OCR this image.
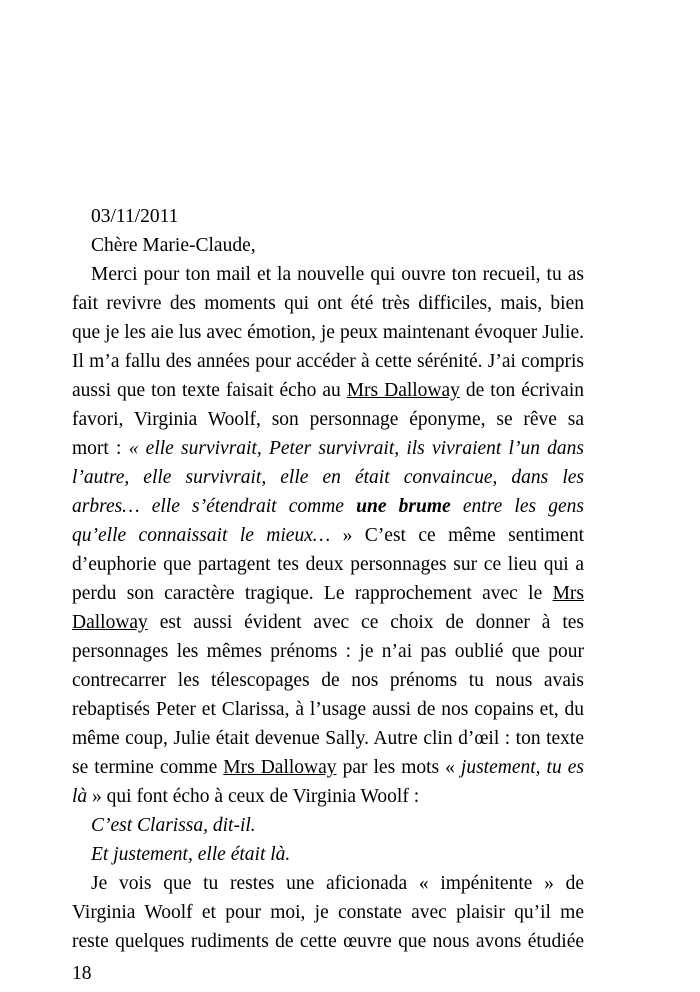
03/11/2011

Chère Marie-Claude,

Merci pour ton mail et la nouvelle qui ouvre ton recueil, tu as

fait revivre des moments qui ont été très difficiles, mais, bien

que je les aie lus avec émotion, je peux maintenant évoquer Julie.

Il m’a fallu des années pour accéder à cette sérénité. J’ai compris

aussi que ton texte faisait écho au Mrs Dalloway de ton écrivain

favori, Virginia Woolf, son personnage éponyme, se rêve sa

mort : « elle survivrait, Peter survivrait, ils vivraient l’un dans

l’autre, elle survivrait, elle en était convaincue, dans les

arbres… elle s’étendrait comme une brume entre les gens

qu’elle connaissait le mieux… » C’est ce même sentiment

d’euphorie que partagent tes deux personnages sur ce lieu qui a

perdu son caractère tragique. Le rapprochement avec le Mrs

Dalloway est aussi évident avec ce choix de donner à tes

personnages les mêmes prénoms : je n’ai pas oublié que pour

contrecarrer les télescopages de nos prénoms tu nous avais

rebaptisés Peter et Clarissa, à l’usage aussi de nos copains et, du

même coup, Julie était devenue Sally. Autre clin d’œil : ton texte

se termine comme Mrs Dalloway par les mots « justement, tu es

là » qui font écho à ceux de Virginia Woolf :

C’est Clarissa, dit-il.

Et justement, elle était là.

Je vois que tu restes une aficionada « impénitente » de

Virginia Woolf et pour moi, je constate avec plaisir qu’il me

reste quelques rudiments de cette œuvre que nous avons étudiée

18
